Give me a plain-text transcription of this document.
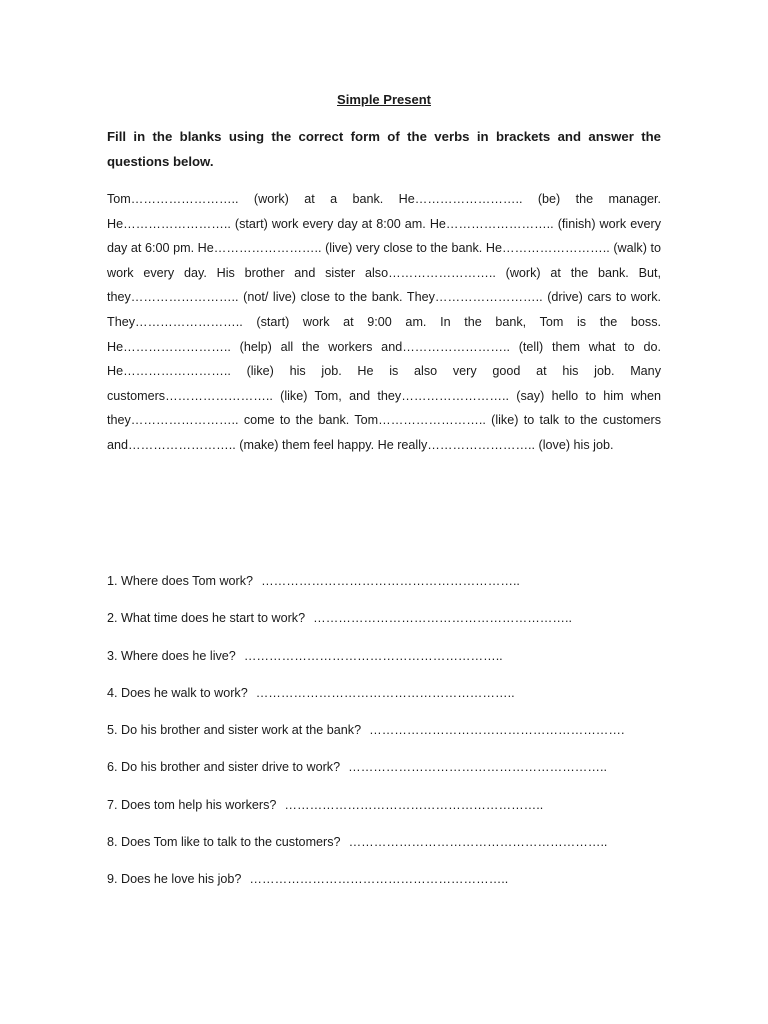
Simple Present
Fill in the blanks using the correct form of the verbs in brackets and answer the questions below.
Tom…………………….. (work) at a bank. He…………………….. (be) the manager. He…………………….. (start) work every day at 8:00 am. He…………………….. (finish) work every day at 6:00 pm. He…………………….. (live) very close to the bank. He…………………….. (walk) to work every day. His brother and sister also…………………….. (work) at the bank. But, they…………………….. (not/ live) close to the bank. They…………………….. (drive) cars to work. They…………………….. (start) work at 9:00 am. In the bank, Tom is the boss. He…………………….. (help) all the workers and…………………….. (tell) them what to do. He…………………….. (like) his job. He is also very good at his job. Many customers…………………….. (like) Tom, and they…………………….. (say) hello to him when they…………………….. come to the bank. Tom…………………….. (like) to talk to the customers and…………………….. (make) them feel happy. He really…………………….. (love) his job.
1. Where does Tom work? ……………………………………………………..
2. What time does he start to work? ……………………………………………………..
3. Where does he live? ……………………………………………………..
4. Does he walk to work? ……………………………………………………..
5. Do his brother and sister work at the bank? …………………………………………………….
6. Do his brother and sister drive to work? ……………………………………………………..
7. Does tom help his workers? ……………………………………………………..
8. Does Tom like to talk to the customers? ……………………………………………………..
9. Does he love his job? ……………………………………………………..
